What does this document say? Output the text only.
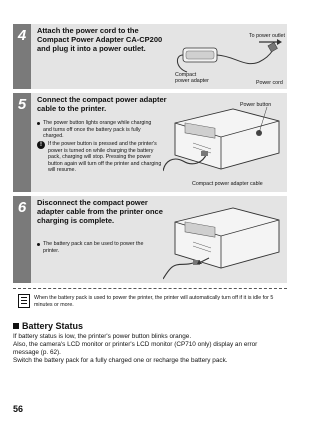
4	Attach the power cord to the Compact Power Adapter CA-CP200 and plug it into a power outlet.
To power outlet
Compact power adapter	Power cord
5	Connect the compact power adapter cable to the printer.
The power button lights orange while charging and turns off once the battery pack is fully charged.
!	If the power button is pressed and the printer's power is turned on while charging the battery pack, charging will stop. Pressing the power button again will turn off the printer and charging will resume.
Power button
Compact power adapter cable
6	Disconnect the compact power adapter cable from the printer once charging is complete.
The battery pack can be used to power the printer.
When the battery pack is used to power the printer, the printer will automatically turn off if it is idle for 5 minutes or more.
Battery Status
If battery status is low, the printer's power button blinks orange.
Also, the camera's LCD monitor or printer's LCD monitor (CP710 only) display an error
message (p. 62).
Switch the battery pack for a fully charged one or recharge the battery pack.
56
